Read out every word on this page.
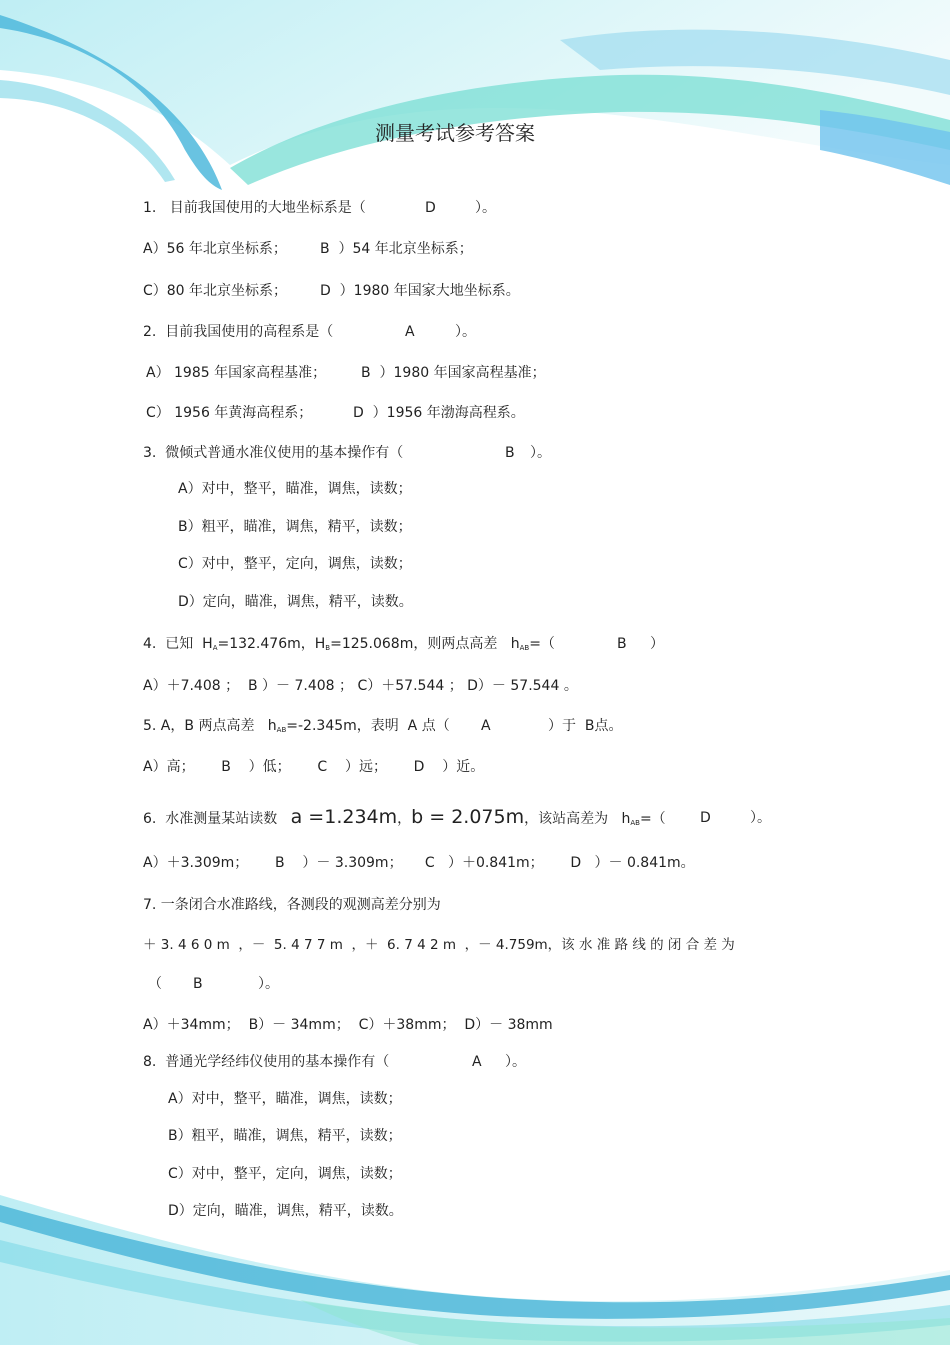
测量考试参考答案

1.   目前我国使用的大地坐标系是（	D	）。

A）56 年北京坐标系； B  ）54 年北京坐标系；

C）80 年北京坐标系； D  ）1980 年国家大地坐标系。

2.  目前我国使用的高程系是（	A	）。

A） 1985 年国家高程基准； B  ）1980 年国家高程基准；

C） 1956 年黄海高程系；	D  ）1956 年渤海高程系。

3.  微倾式普通水准仪使用的基本操作有（	B ）。

A）对中，整平，瞄准，调焦，读数；

B）粗平，瞄准，调焦，精平，读数；

C）对中，整平，定向，调焦，读数；

D）定向，瞄准，调焦，精平，读数。

4.  已知  $H_A=132.476m$，$H_B=125.068m$，则两点高差   $h_{AB}=$（	B ）

A）＋7.408 ；  B ）－ 7.408 ； C）＋57.544 ； D）－ 57.544 。

5. A，B 两点高差   $h_{AB}=-2.345m$，表明  A 点（ A	）于  B点。

A）高；      B    ）低；      C    ）远；      D    ）近。

6.  水准测量某站读数 a =1.234m，b = 2.075m，该站高差为 $h_{AB}=$（ D	）。

A）＋3.309m；      B    ）－ 3.309m；     C   ）＋0.841m；      D   ）－ 0.841m。

7. 一条闭合水准路线，各测段的观测高差分别为

＋ 3. 4 6 0 m  ，－  5. 4 7 7 m  ，＋  6. 7 4 2 m  ，－ 4.759m，该 水 准 路 线 的 闭 合 差 为

（ B	）。

A）＋34mm；  B）－ 34mm；  C）＋38mm；  D）－ 38mm

8.  普通光学经纬仪使用的基本操作有（	A ）。

A）对中，整平，瞄准，调焦，读数；

B）粗平，瞄准，调焦，精平，读数；

C）对中，整平，定向，调焦，读数；

D）定向，瞄准，调焦，精平，读数。
